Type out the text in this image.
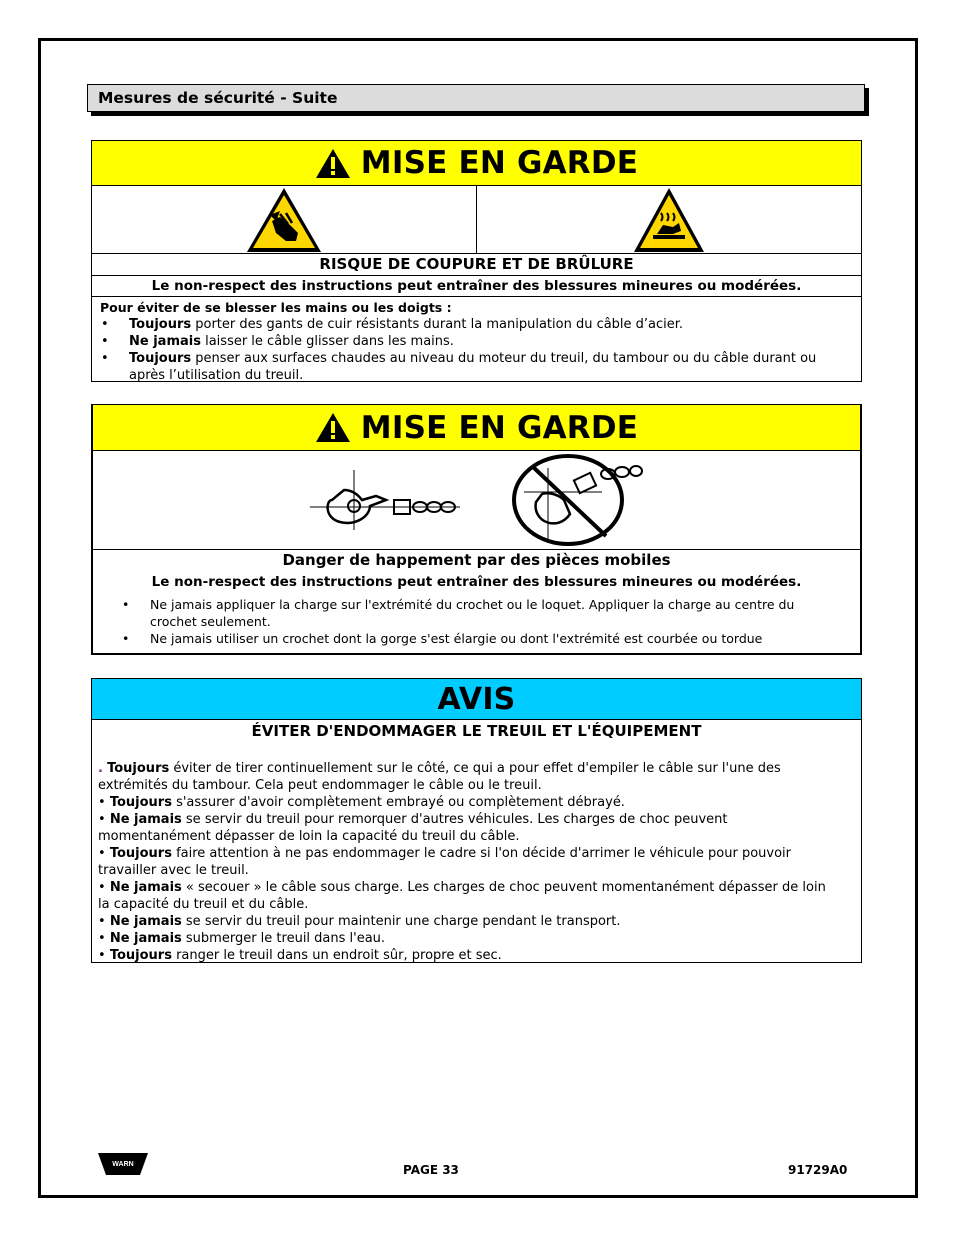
Mesures de sécurité - Suite
MISE EN GARDE
RISQUE DE COUPURE ET DE BRÛLURE
Le non-respect des instructions peut entraîner des blessures mineures ou modérées.
Pour éviter de se blesser les mains ou les doigts :
• Toujours porter des gants de cuir résistants durant la manipulation du câble d’acier.
• Ne jamais laisser le câble glisser dans les mains.
• Toujours penser aux surfaces chaudes au niveau du moteur du treuil, du tambour ou du câble durant ou après l’utilisation du treuil.
MISE EN GARDE
Danger de happement par des pièces mobiles
Le non-respect des instructions peut entraîner des blessures mineures ou modérées.
• Ne jamais appliquer la charge sur l'extrémité du crochet ou le loquet. Appliquer la charge au centre du crochet seulement.
• Ne jamais utiliser un crochet dont la gorge s'est élargie ou dont l'extrémité est courbée ou tordue
AVIS
ÉVITER D'ENDOMMAGER LE TREUIL ET L'ÉQUIPEMENT
. Toujours éviter de tirer continuellement sur le côté, ce qui a pour effet d'empiler le câble sur l'une des extrémités du tambour. Cela peut endommager le câble ou le treuil.
• Toujours s'assurer d'avoir complètement embrayé ou complètement débrayé.
• Ne jamais se servir du treuil pour remorquer d'autres véhicules. Les charges de choc peuvent momentanément dépasser de loin la capacité du treuil du câble.
• Toujours faire attention à ne pas endommager le cadre si l'on décide d'arrimer le véhicule pour pouvoir travailler avec le treuil.
• Ne jamais « secouer » le câble sous charge. Les charges de choc peuvent momentanément dépasser de loin la capacité du treuil et du câble.
• Ne jamais se servir du treuil pour maintenir une charge pendant le transport.
• Ne jamais submerger le treuil dans l'eau.
• Toujours ranger le treuil dans un endroit sûr, propre et sec.
WARN	PAGE 33	91729A0
